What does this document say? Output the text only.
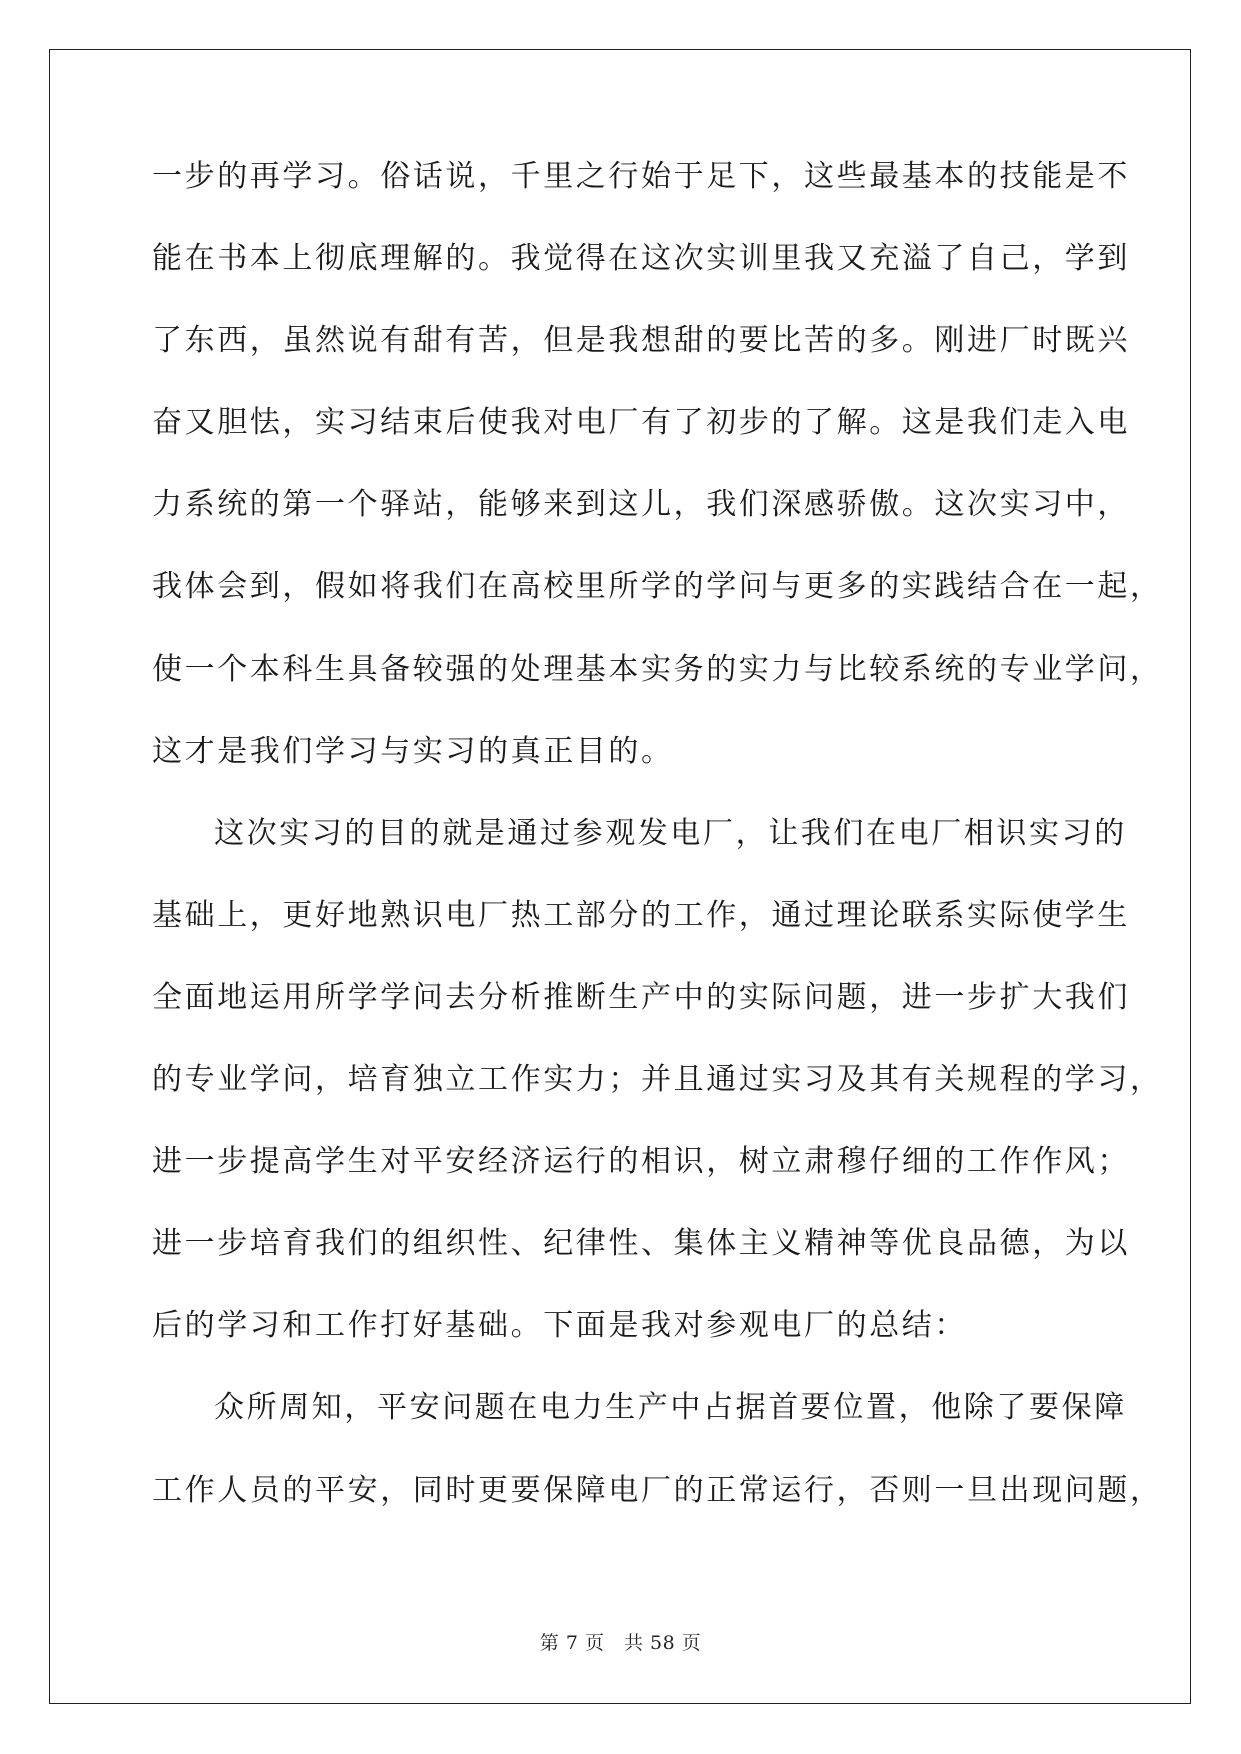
一步的再学习。俗话说，千里之行始于足下，这些最基本的技能是不
能在书本上彻底理解的。我觉得在这次实训里我又充溢了自己，学到
了东西，虽然说有甜有苦，但是我想甜的要比苦的多。刚进厂时既兴
奋又胆怯，实习结束后使我对电厂有了初步的了解。这是我们走入电
力系统的第一个驿站，能够来到这儿，我们深感骄傲。这次实习中，
我体会到，假如将我们在高校里所学的学问与更多的实践结合在一起，
使一个本科生具备较强的处理基本实务的实力与比较系统的专业学问，
这才是我们学习与实习的真正目的。
这次实习的目的就是通过参观发电厂，让我们在电厂相识实习的
基础上，更好地熟识电厂热工部分的工作，通过理论联系实际使学生
全面地运用所学学问去分析推断生产中的实际问题，进一步扩大我们
的专业学问，培育独立工作实力；并且通过实习及其有关规程的学习，
进一步提高学生对平安经济运行的相识，树立肃穆仔细的工作作风；
进一步培育我们的组织性、纪律性、集体主义精神等优良品德，为以
后的学习和工作打好基础。下面是我对参观电厂的总结：
众所周知，平安问题在电力生产中占据首要位置，他除了要保障
工作人员的平安，同时更要保障电厂的正常运行，否则一旦出现问题，
第 7 页　共 58 页
